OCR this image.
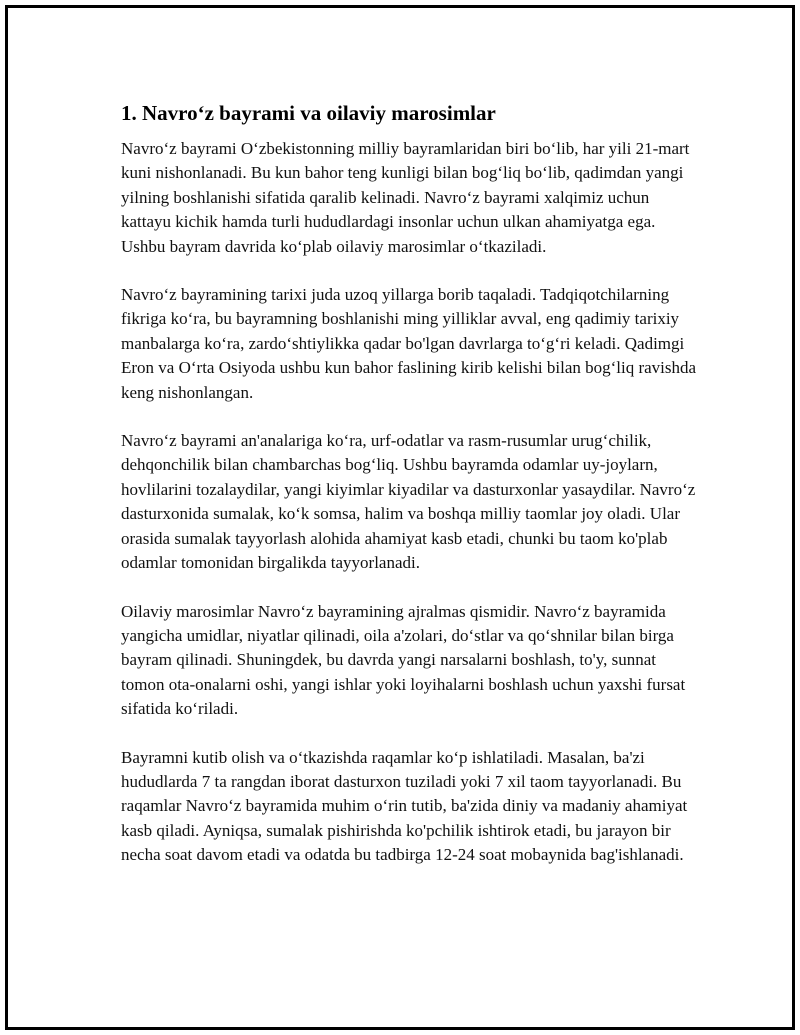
1. Navro‘z bayrami va oilaviy marosimlar

Navro‘z bayrami O‘zbekistonning milliy bayramlaridan biri bo‘lib, har yili 21-mart kuni nishonlanadi. Bu kun bahor teng kunligi bilan bog‘liq bo‘lib, qadimdan yangi yilning boshlanishi sifatida qaralib kelinadi. Navro‘z bayrami xalqimiz uchun kattayu kichik hamda turli hududlardagi insonlar uchun ulkan ahamiyatga ega. Ushbu bayram davrida ko‘plab oilaviy marosimlar o‘tkaziladi.

Navro‘z bayramining tarixi juda uzoq yillarga borib taqaladi. Tadqiqotchilarning fikriga ko‘ra, bu bayramning boshlanishi ming yilliklar avval, eng qadimiy tarixiy manbalarga ko‘ra, zardo‘shtiylikka qadar bo'lgan davrlarga to‘g‘ri keladi. Qadimgi Eron va O‘rta Osiyoda ushbu kun bahor faslining kirib kelishi bilan bog‘liq ravishda keng nishonlangan.

Navro‘z bayrami an'analariga ko‘ra, urf-odatlar va rasm-rusumlar urug‘chilik, dehqonchilik bilan chambarchas bog‘liq. Ushbu bayramda odamlar uy-joylarn, hovlilarini tozalaydilar, yangi kiyimlar kiyadilar va dasturxonlar yasaydilar. Navro‘z dasturxonida sumalak, ko‘k somsa, halim va boshqa milliy taomlar joy oladi. Ular orasida sumalak tayyorlash alohida ahamiyat kasb etadi, chunki bu taom ko'plab odamlar tomonidan birgalikda tayyorlanadi.

Oilaviy marosimlar Navro‘z bayramining ajralmas qismidir. Navro‘z bayramida yangicha umidlar, niyatlar qilinadi, oila a'zolari, do‘stlar va qo‘shnilar bilan birga bayram qilinadi. Shuningdek, bu davrda yangi narsalarni boshlash, to'y, sunnat tomon ota-onalarni oshi, yangi ishlar yoki loyihalarni boshlash uchun yaxshi fursat sifatida ko‘riladi.

Bayramni kutib olish va o‘tkazishda raqamlar ko‘p ishlatiladi. Masalan, ba'zi hududlarda 7 ta rangdan iborat dasturxon tuziladi yoki 7 xil taom tayyorlanadi. Bu raqamlar Navro‘z bayramida muhim o‘rin tutib, ba'zida diniy va madaniy ahamiyat kasb qiladi. Ayniqsa, sumalak pishirishda ko'pchilik ishtirok etadi, bu jarayon bir necha soat davom etadi va odatda bu tadbirga 12-24 soat mobaynida bag'ishlanadi.
